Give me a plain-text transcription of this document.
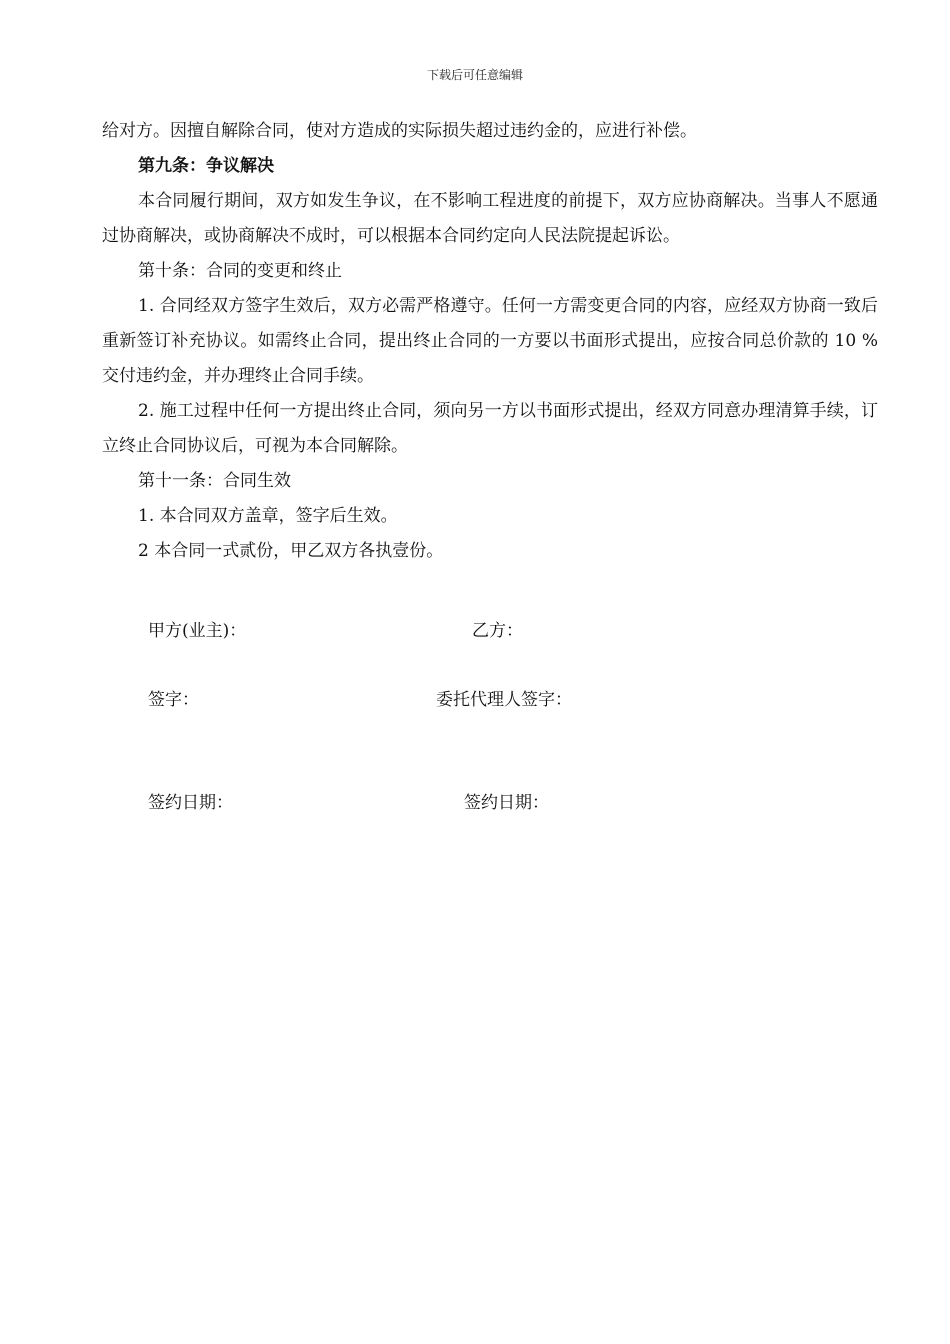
下载后可任意编辑

给对方。因擅自解除合同，使对方造成的实际损失超过违约金的，应进行补偿。

第九条：争议解决

本合同履行期间，双方如发生争议，在不影响工程进度的前提下，双方应协商解决。当事人不愿通过协商解决，或协商解决不成时，可以根据本合同约定向人民法院提起诉讼。

第十条：合同的变更和终止

1. 合同经双方签字生效后，双方必需严格遵守。任何一方需变更合同的内容，应经双方协商一致后重新签订补充协议。如需终止合同，提出终止合同的一方要以书面形式提出，应按合同总价款的 10 %交付违约金，并办理终止合同手续。

2. 施工过程中任何一方提出终止合同，须向另一方以书面形式提出，经双方同意办理清算手续，订立终止合同协议后，可视为本合同解除。

第十一条：合同生效

1. 本合同双方盖章，签字后生效。

2 本合同一式贰份，甲乙双方各执壹份。

甲方(业主)：	乙方：
签字：	委托代理人签字：
签约日期：	签约日期：
